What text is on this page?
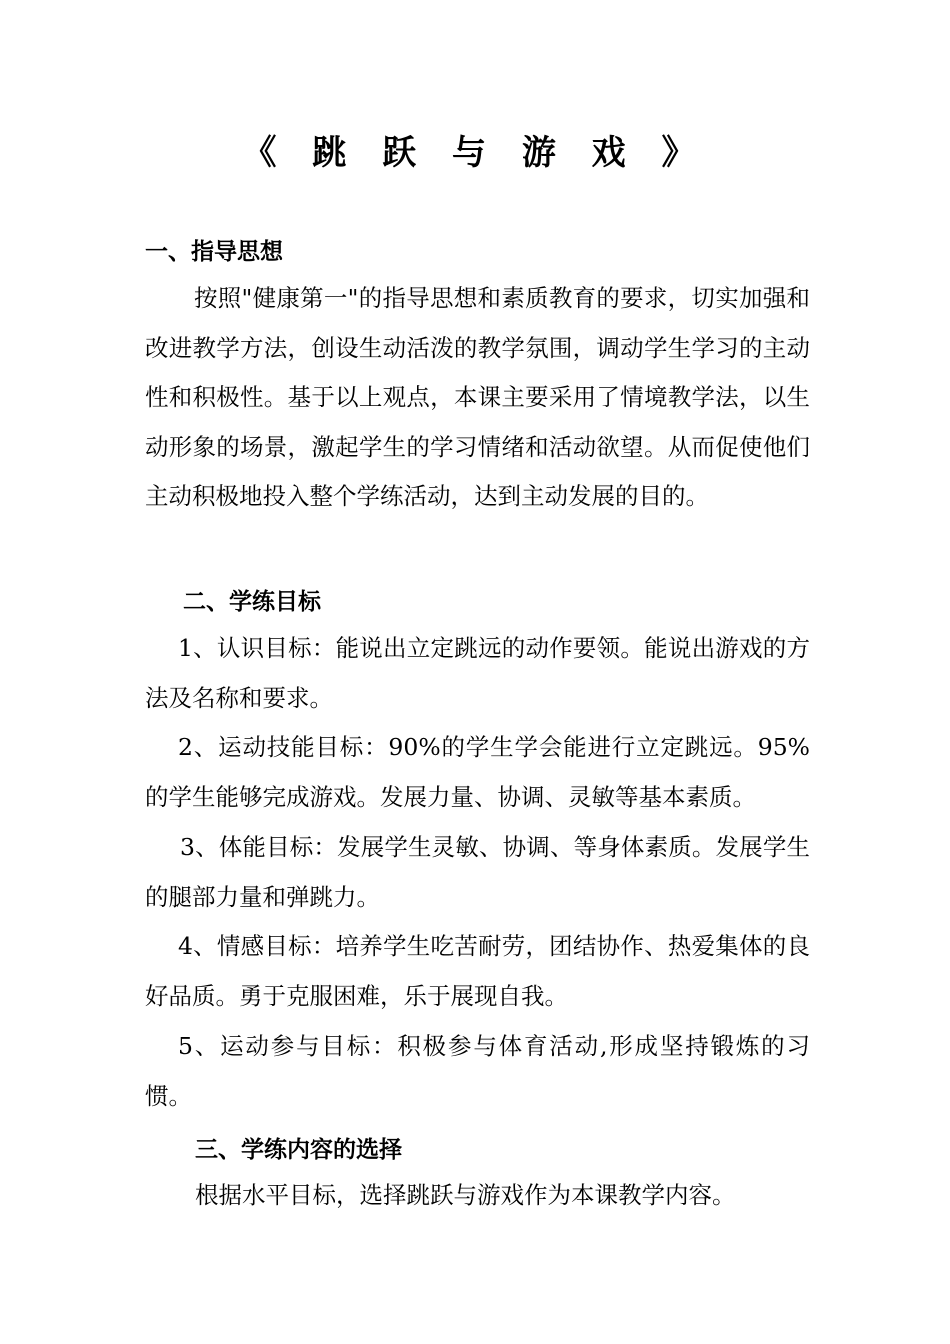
《 跳 跃 与 游 戏 》
一、指导思想
按照"健康第一"的指导思想和素质教育的要求，切实加强和改进教学方法，创设生动活泼的教学氛围，调动学生学习的主动性和积极性。基于以上观点，本课主要采用了情境教学法，以生动形象的场景，激起学生的学习情绪和活动欲望。从而促使他们主动积极地投入整个学练活动，达到主动发展的目的。
二、学练目标
1、认识目标：能说出立定跳远的动作要领。能说出游戏的方法及名称和要求。
2、运动技能目标：90%的学生学会能进行立定跳远。95%的学生能够完成游戏。发展力量、协调、灵敏等基本素质。
3、体能目标：发展学生灵敏、协调、等身体素质。发展学生的腿部力量和弹跳力。
4、情感目标：培养学生吃苦耐劳，团结协作、热爱集体的良好品质。勇于克服困难，乐于展现自我。
5、运动参与目标：积极参与体育活动,形成坚持锻炼的习惯。
三、学练内容的选择
根据水平目标，选择跳跃与游戏作为本课教学内容。
